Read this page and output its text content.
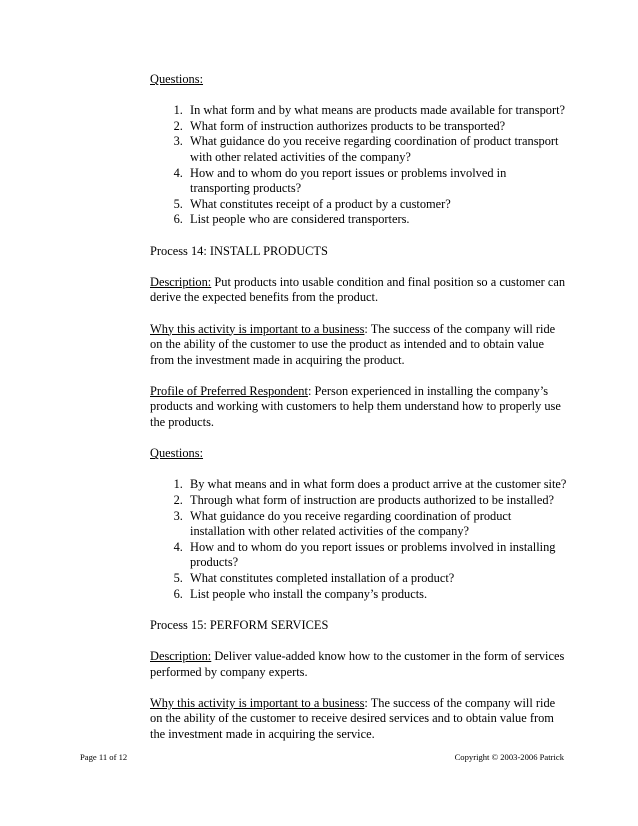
Questions:

1. In what form and by what means are products made available for transport?
2. What form of instruction authorizes products to be transported?
3. What guidance do you receive regarding coordination of product transport with other related activities of the company?
4. How and to whom do you report issues or problems involved in transporting products?
5. What constitutes receipt of a product by a customer?
6. List people who are considered transporters.

Process 14: INSTALL PRODUCTS

Description: Put products into usable condition and final position so a customer can derive the expected benefits from the product.

Why this activity is important to a business: The success of the company will ride on the ability of the customer to use the product as intended and to obtain value from the investment made in acquiring the product.

Profile of Preferred Respondent: Person experienced in installing the company’s products and working with customers to help them understand how to properly use the products.

Questions:

1. By what means and in what form does a product arrive at the customer site?
2. Through what form of instruction are products authorized to be installed?
3. What guidance do you receive regarding coordination of product installation with other related activities of the company?
4. How and to whom do you report issues or problems involved in installing products?
5. What constitutes completed installation of a product?
6. List people who install the company’s products.

Process 15: PERFORM SERVICES

Description: Deliver value-added know how to the customer in the form of services performed by company experts.

Why this activity is important to a business: The success of the company will ride on the ability of the customer to receive desired services and to obtain value from the investment made in acquiring the service.

Page 11 of 12	Copyright © 2003-2006 Patrick
